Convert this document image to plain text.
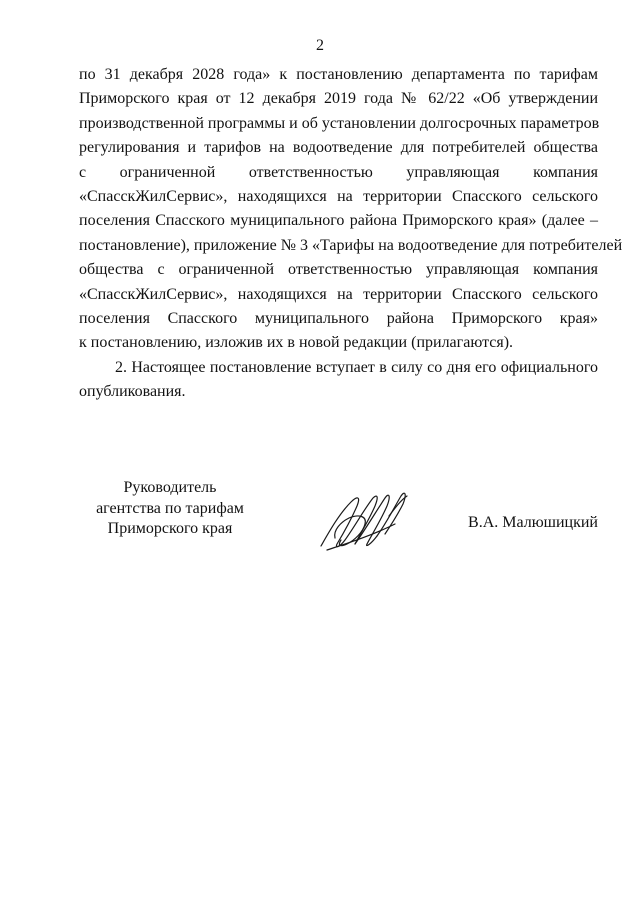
2
по 31 декабря 2028 года» к постановлению департамента по тарифам
Приморского края от 12 декабря 2019 года № 62/22 «Об утверждении
производственной программы и об установлении долгосрочных параметров
регулирования и тарифов на водоотведение для потребителей общества
с ограниченной ответственностью управляющая компания
«СпасскЖилСервис», находящихся на территории Спасского сельского
поселения Спасского муниципального района Приморского края» (далее –
постановление), приложение № 3 «Тарифы на водоотведение для потребителей
общества с ограниченной ответственностью управляющая компания
«СпасскЖилСервис», находящихся на территории Спасского сельского
поселения Спасского муниципального района Приморского края»
к постановлению, изложив их в новой редакции (прилагаются).
2. Настоящее постановление вступает в силу со дня его официального
опубликования.
Руководитель
агентства по тарифам
Приморского края	В.А. Малюшицкий
